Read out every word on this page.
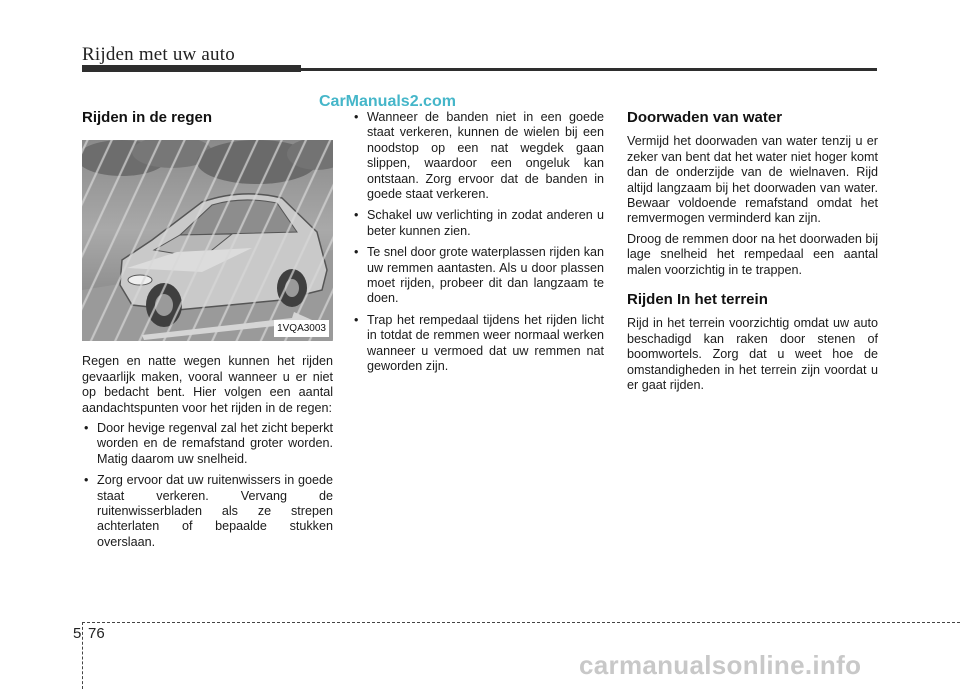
Rijden met uw auto
CarManuals2.com
Rijden in de regen
1VQA3003

Regen en natte wegen kunnen het rijden gevaarlijk maken, vooral wanneer u er niet op bedacht bent. Hier volgen een aantal aandachtspunten voor het rijden in de regen:

• Door hevige regenval zal het zicht beperkt worden en de remafstand groter worden. Matig daarom uw snelheid.
• Zorg ervoor dat uw ruitenwissers in goede staat verkeren. Vervang de ruitenwisserbladen als ze strepen achterlaten of bepaalde stukken overslaan.
• Wanneer de banden niet in een goede staat verkeren, kunnen de wielen bij een noodstop op een nat wegdek gaan slippen, waardoor een ongeluk kan ontstaan. Zorg ervoor dat de banden in goede staat verkeren.
• Schakel uw verlichting in zodat anderen u beter kunnen zien.
• Te snel door grote waterplassen rijden kan uw remmen aantasten. Als u door plassen moet rijden, probeer dit dan langzaam te doen.
• Trap het rempedaal tijdens het rijden licht in totdat de remmen weer normaal werken wanneer u vermoed dat uw remmen nat geworden zijn.
Doorwaden van water

Vermijd het doorwaden van water tenzij u er zeker van bent dat het water niet hoger komt dan de onderzijde van de wielnaven. Rijd altijd langzaam bij het doorwaden van water. Bewaar voldoende remafstand omdat het remvermogen verminderd kan zijn.

Droog de remmen door na het doorwaden bij lage snelheid het rempedaal een aantal malen voorzichtig in te trappen.

Rijden In het terrein

Rijd in het terrein voorzichtig omdat uw auto beschadigd kan raken door stenen of boomwortels. Zorg dat u weet hoe de omstandigheden in het terrein zijn voordat u er gaat rijden.

5 76
carmanualsonline.info
